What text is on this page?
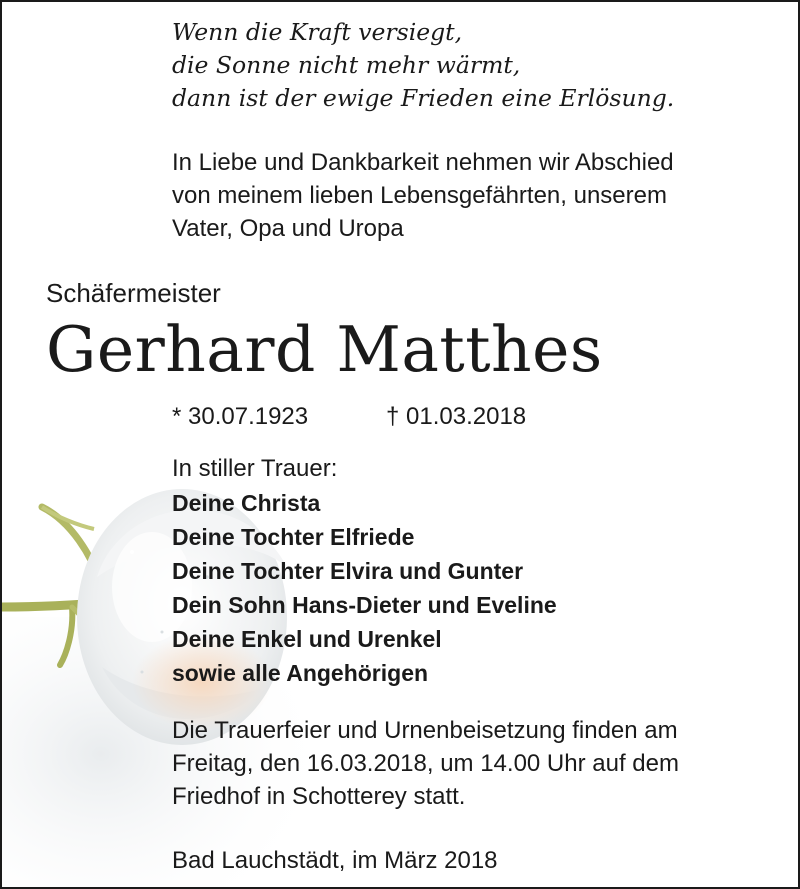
Wenn die Kraft versiegt,
die Sonne nicht mehr wärmt,
dann ist der ewige Frieden eine Erlösung.
In Liebe und Dankbarkeit nehmen wir Abschied
von meinem lieben Lebensgefährten, unserem
Vater, Opa und Uropa
Schäfermeister
Gerhard Matthes
* 30.07.1923	† 01.03.2018
In stiller Trauer:
Deine Christa
Deine Tochter Elfriede
Deine Tochter Elvira und Gunter
Dein Sohn Hans-Dieter und Eveline
Deine Enkel und Urenkel
sowie alle Angehörigen
Die Trauerfeier und Urnenbeisetzung finden am
Freitag, den 16.03.2018, um 14.00 Uhr auf dem
Friedhof in Schotterey statt.
Bad Lauchstädt, im März 2018
